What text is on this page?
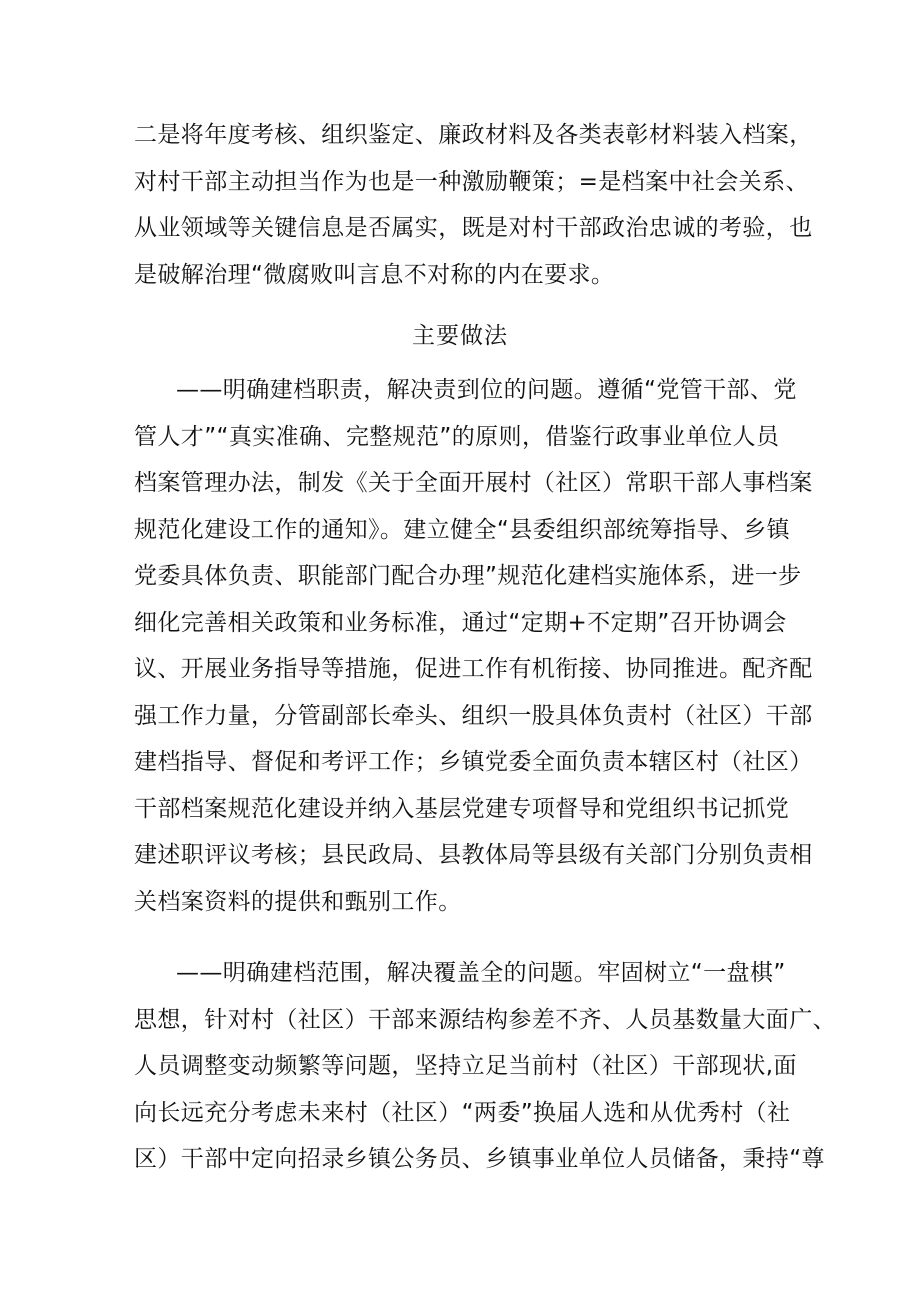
二是将年度考核、组织鉴定、廉政材料及各类表彰材料装入档案，
对村干部主动担当作为也是一种激励鞭策；=是档案中社会关系、
从业领域等关键信息是否属实，既是对村干部政治忠诚的考验，也
是破解治理“微腐败叫言息不对称的内在要求。
主要做法
——明确建档职责，解决责到位的问题。遵循“党管干部、党
管人才”“真实准确、完整规范”的原则，借鉴行政事业单位人员
档案管理办法，制发《关于全面开展村（社区）常职干部人事档案
规范化建设工作的通知》。建立健全“县委组织部统筹指导、乡镇
党委具体负责、职能部门配合办理”规范化建档实施体系，进一步
细化完善相关政策和业务标准，通过“定期+不定期”召开协调会
议、开展业务指导等措施，促进工作有机衔接、协同推进。配齐配
强工作力量，分管副部长牵头、组织一股具体负责村（社区）干部
建档指导、督促和考评工作；乡镇党委全面负责本辖区村（社区）
干部档案规范化建设并纳入基层党建专项督导和党组织书记抓党
建述职评议考核；县民政局、县教体局等县级有关部门分别负责相
关档案资料的提供和甄别工作。
——明确建档范围，解决覆盖全的问题。牢固树立“一盘棋”
思想，针对村（社区）干部来源结构参差不齐、人员基数量大面广、
人员调整变动频繁等问题，坚持立足当前村（社区）干部现状,面
向长远充分考虑未来村（社区）“两委”换届人选和从优秀村（社
区）干部中定向招录乡镇公务员、乡镇事业单位人员储备，秉持“尊
